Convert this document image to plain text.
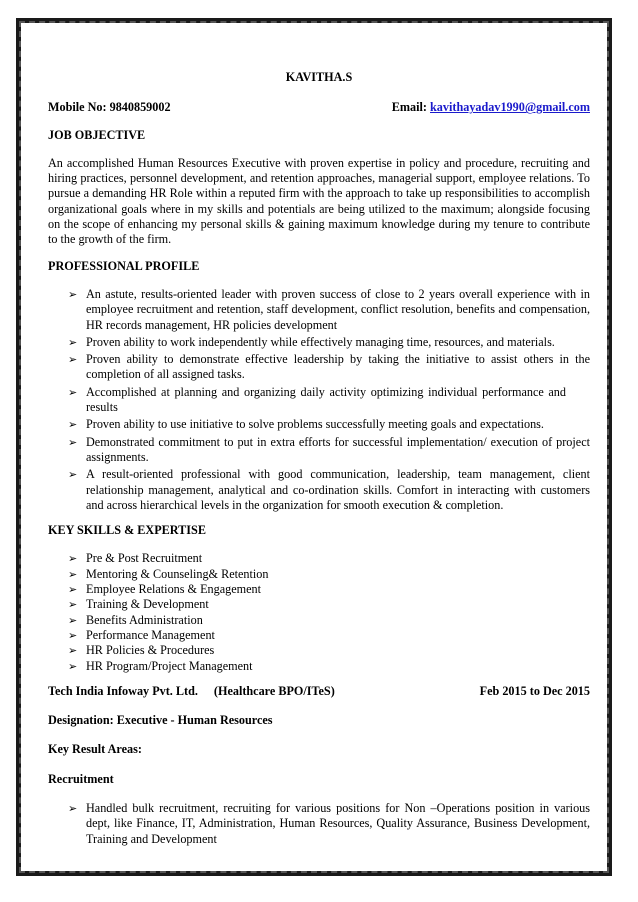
KAVITHA.S
Mobile No: 9840859002	Email: kavithayadav1990@gmail.com
JOB OBJECTIVE

An accomplished Human Resources Executive with proven expertise in policy and procedure, recruiting and hiring practices, personnel development, and retention approaches, managerial support, employee relations. To pursue a demanding HR Role within a reputed firm with the approach to take up responsibilities to accomplish organizational goals where in my skills and potentials are being utilized to the maximum; alongside focusing on the scope of enhancing my personal skills & gaining maximum knowledge during my tenure to contribute to the growth of the firm.

PROFESSIONAL PROFILE
➢ An astute, results-oriented leader with proven success of close to 2 years overall experience with in employee recruitment and retention, staff development, conflict resolution, benefits and compensation, HR records management, HR policies development
➢ Proven ability to work independently while effectively managing time, resources, and materials.
➢ Proven ability to demonstrate effective leadership by taking the initiative to assist others in the completion of all assigned tasks.
➢ Accomplished at planning and organizing daily activity optimizing individual performance and results
➢ Proven ability to use initiative to solve problems successfully meeting goals and expectations.
➢ Demonstrated commitment to put in extra efforts for successful implementation/ execution of project assignments.
➢ A result-oriented professional with good communication, leadership, team management, client relationship management, analytical and co-ordination skills. Comfort in interacting with customers and across hierarchical levels in the organization for smooth execution & completion.
KEY SKILLS & EXPERTISE
➢ Pre & Post Recruitment
➢ Mentoring & Counseling& Retention
➢ Employee Relations & Engagement
➢ Training & Development
➢ Benefits Administration
➢ Performance Management
➢ HR Policies & Procedures
➢ HR Program/Project Management
Tech India Infoway Pvt. Ltd. (Healthcare BPO/ITeS)	Feb 2015 to Dec 2015
Designation: Executive - Human Resources
Key Result Areas:
Recruitment
➢ Handled bulk recruitment, recruiting for various positions for Non –Operations position in various dept, like Finance, IT, Administration, Human Resources, Quality Assurance, Business Development, Training and Development
